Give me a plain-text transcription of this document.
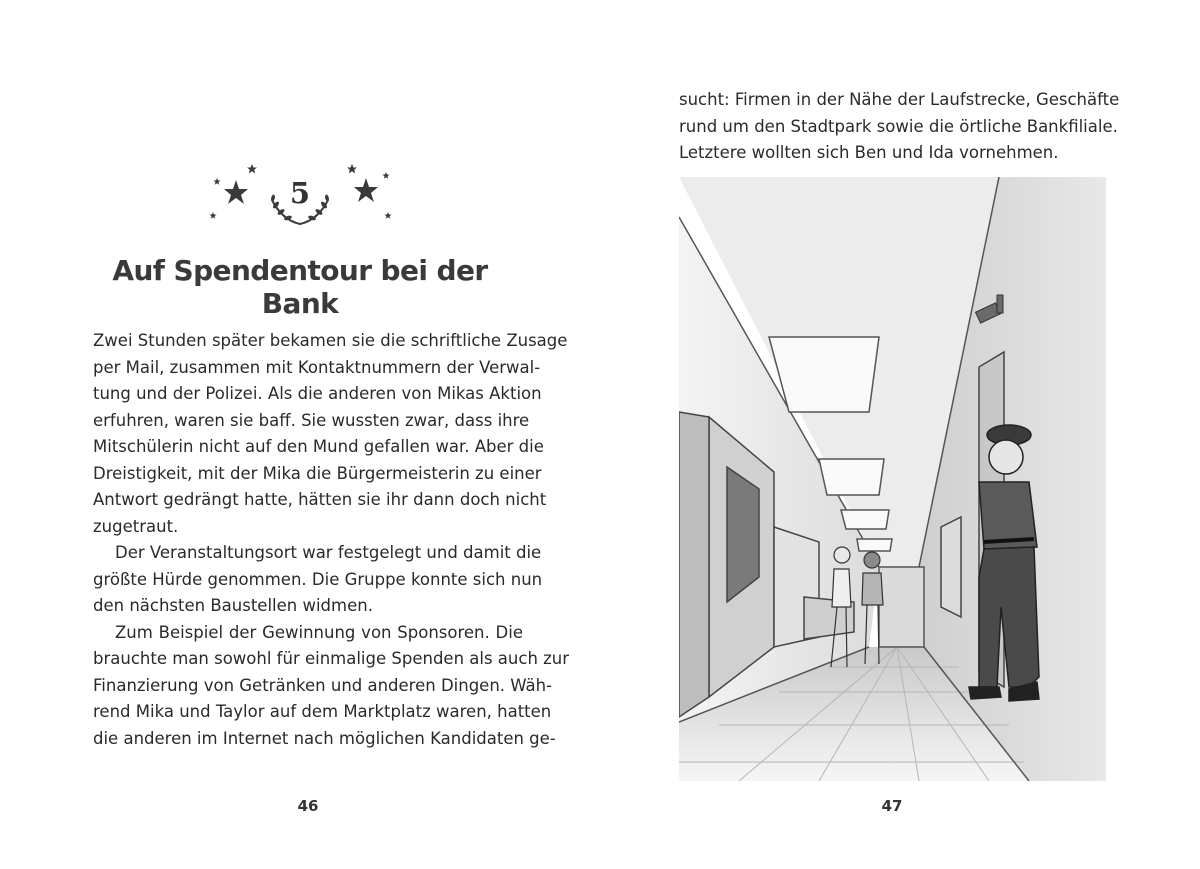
5
Auf Spendentour bei der Bank
Zwei Stunden später bekamen sie die schriftliche Zusage
per Mail, zusammen mit Kontaktnummern der Verwal-
tung und der Polizei. Als die anderen von Mikas Aktion
erfuhren, waren sie baff. Sie wussten zwar, dass ihre
Mitschülerin nicht auf den Mund gefallen war. Aber die
Dreistigkeit, mit der Mika die Bürgermeisterin zu einer
Antwort gedrängt hatte, hätten sie ihr dann doch nicht
zugetraut.
Der Veranstaltungsort war festgelegt und damit die
größte Hürde genommen. Die Gruppe konnte sich nun
den nächsten Baustellen widmen.
Zum Beispiel der Gewinnung von Sponsoren. Die
brauchte man sowohl für einmalige Spenden als auch zur
Finanzierung von Getränken und anderen Dingen. Wäh-
rend Mika und Taylor auf dem Marktplatz waren, hatten
die anderen im Internet nach möglichen Kandidaten ge-
46
sucht: Firmen in der Nähe der Laufstrecke, Geschäfte
rund um den Stadtpark sowie die örtliche Bankfiliale.
Letztere wollten sich Ben und Ida vornehmen.
47
